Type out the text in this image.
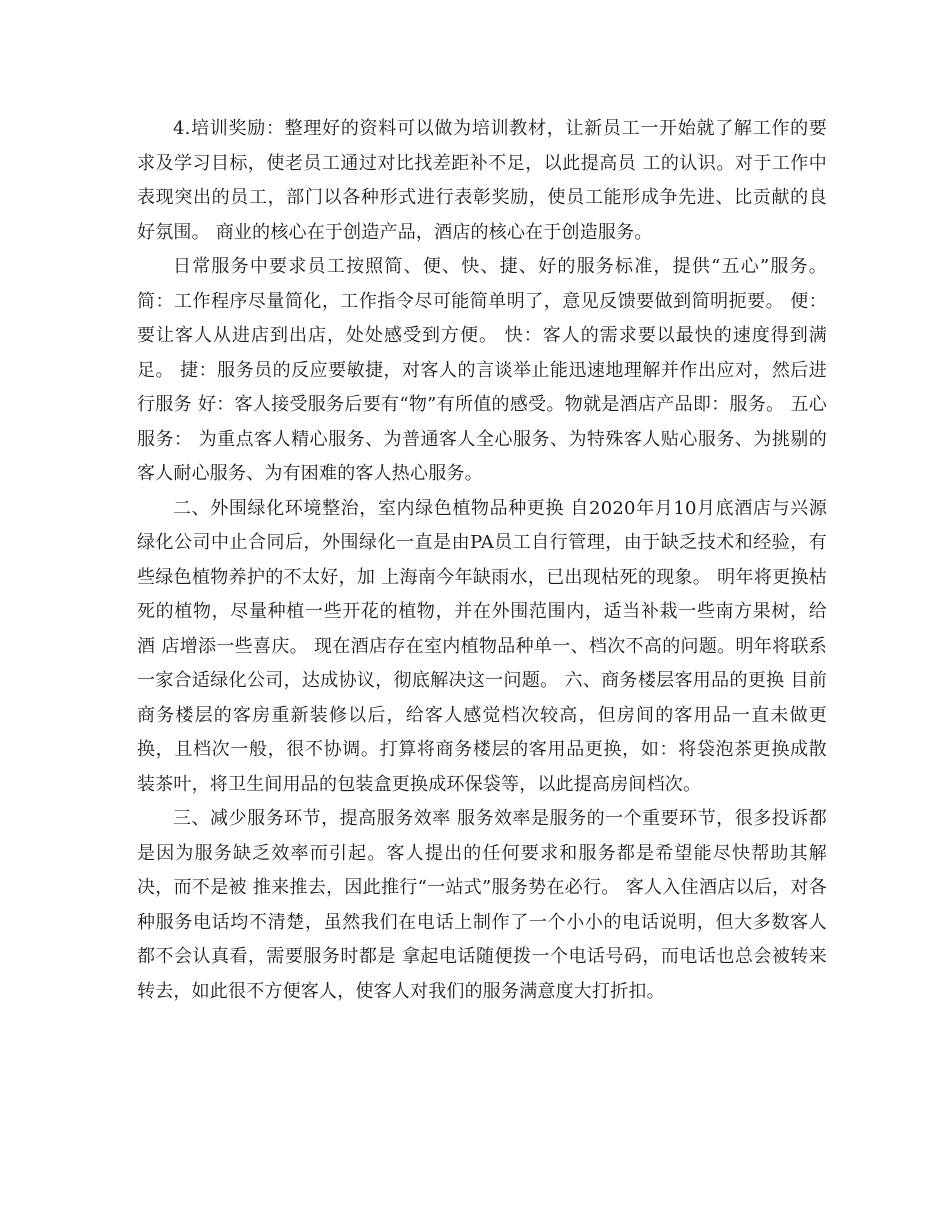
4.培训奖励：整理好的资料可以做为培训教材，让新员工一开始就了解工作的要求及学习目标，使老员工通过对比找差距补不足，以此提高员 工的认识。对于工作中表现突出的员工，部门以各种形式进行表彰奖励，使员工能形成争先进、比贡献的良好氛围。 商业的核心在于创造产品，酒店的核心在于创造服务。

日常服务中要求员工按照简、便、快、捷、好的服务标准，提供“五心”服务。 简：工作程序尽量简化，工作指令尽可能简单明了，意见反馈要做到简明扼要。 便：要让客人从进店到出店，处处感受到方便。 快：客人的需求要以最快的速度得到满足。 捷：服务员的反应要敏捷，对客人的言谈举止能迅速地理解并作出应对，然后进行服务 好：客人接受服务后要有“物”有所值的感受。物就是酒店产品即：服务。 五心服务： 为重点客人精心服务、为普通客人全心服务、为特殊客人贴心服务、为挑剔的客人耐心服务、为有困难的客人热心服务。

二、外围绿化环境整治，室内绿色植物品种更换 自2020年月10月底酒店与兴源绿化公司中止合同后，外围绿化一直是由PA员工自行管理，由于缺乏技术和经验，有些绿色植物养护的不太好，加 上海南今年缺雨水，已出现枯死的现象。 明年将更换枯死的植物，尽量种植一些开花的植物，并在外围范围内，适当补栽一些南方果树，给酒 店增添一些喜庆。 现在酒店存在室内植物品种单一、档次不高的问题。明年将联系一家合适绿化公司，达成协议，彻底解决这一问题。 六、商务楼层客用品的更换 目前商务楼层的客房重新装修以后，给客人感觉档次较高，但房间的客用品一直未做更换，且档次一般，很不协调。打算将商务楼层的客用品更换，如：将袋泡茶更换成散装茶叶，将卫生间用品的包装盒更换成环保袋等，以此提高房间档次。

三、减少服务环节，提高服务效率 服务效率是服务的一个重要环节，很多投诉都是因为服务缺乏效率而引起。客人提出的任何要求和服务都是希望能尽快帮助其解决，而不是被 推来推去，因此推行“一站式”服务势在必行。 客人入住酒店以后，对各种服务电话均不清楚，虽然我们在电话上制作了一个小小的电话说明，但大多数客人都不会认真看，需要服务时都是 拿起电话随便拨一个电话号码，而电话也总会被转来转去，如此很不方便客人，使客人对我们的服务满意度大打折扣。
